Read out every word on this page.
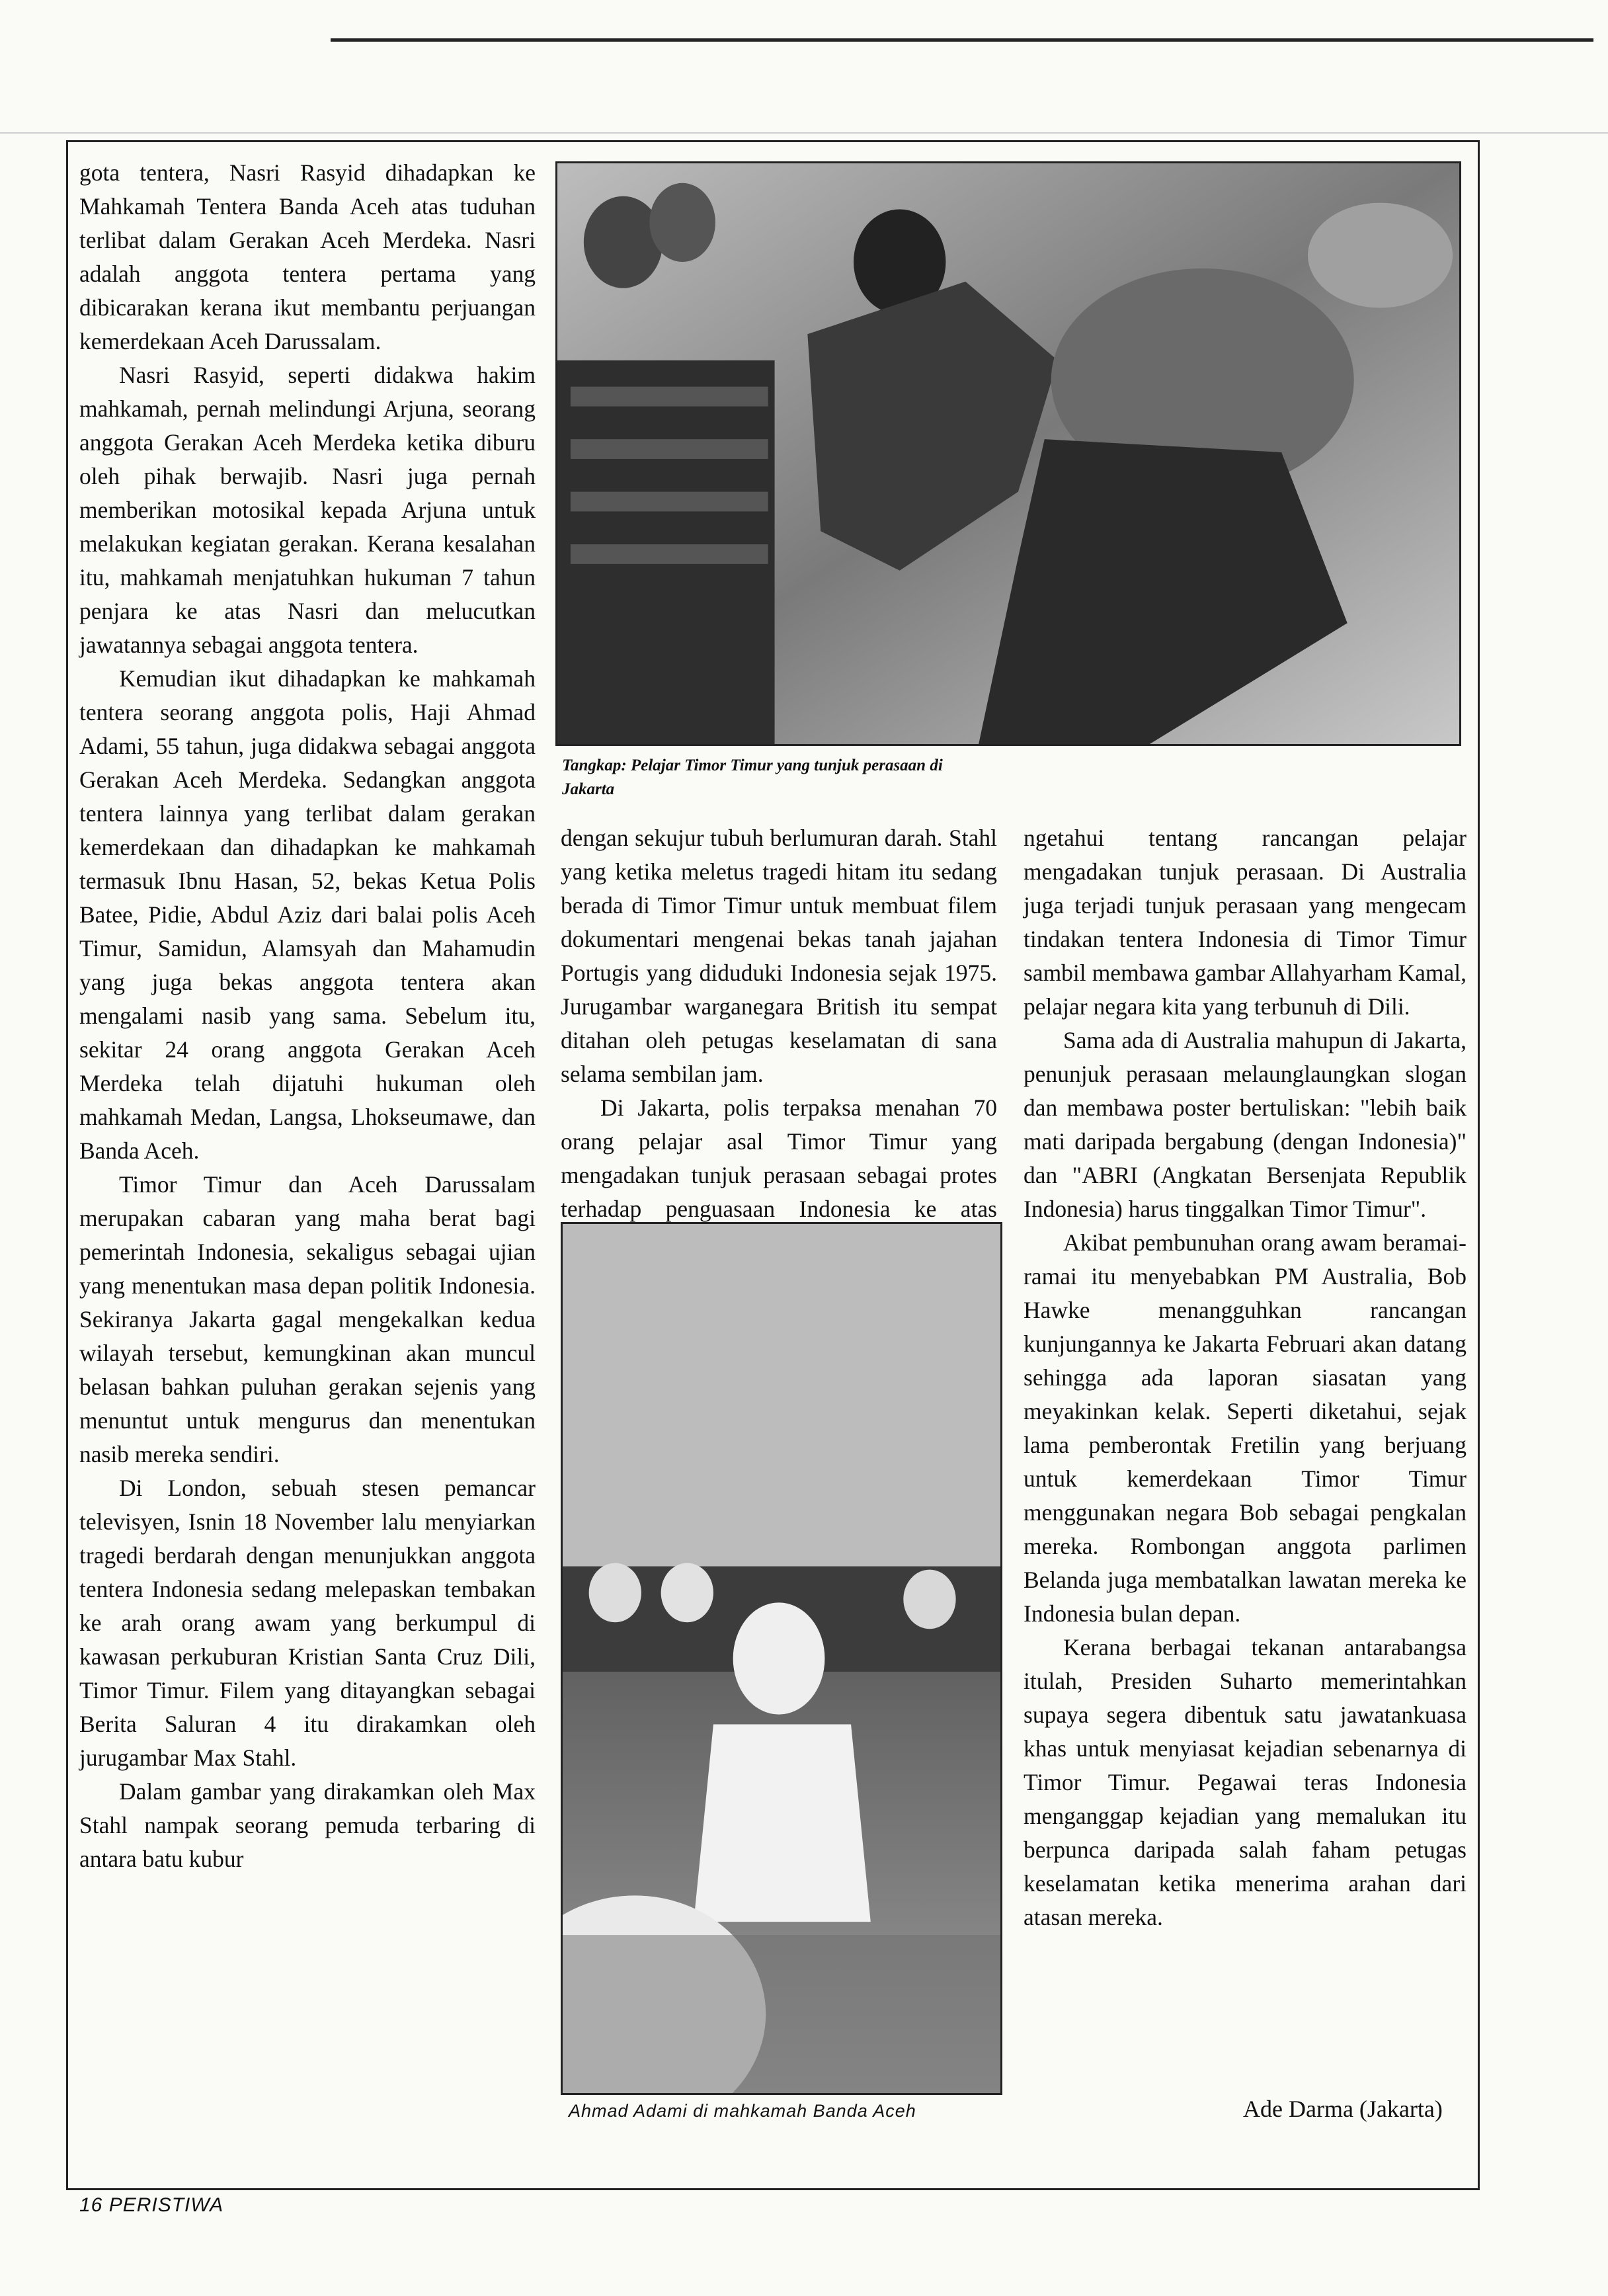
gota tentera, Nasri Rasyid dihadapkan ke Mahkamah Tentera Banda Aceh atas tuduhan terlibat dalam Gerakan Aceh Merdeka. Nasri adalah anggota tentera pertama yang dibicarakan kerana ikut membantu perjuangan kemerdekaan Aceh Darussalam.

Nasri Rasyid, seperti didakwa hakim mahkamah, pernah melindungi Arjuna, seorang anggota Gerakan Aceh Merdeka ketika diburu oleh pihak berwajib. Nasri juga pernah memberikan motosikal kepada Arjuna untuk melakukan kegiatan gerakan. Kerana kesalahan itu, mahkamah menjatuhkan hukuman 7 tahun penjara ke atas Nasri dan melucutkan jawatannya sebagai anggota tentera.

Kemudian ikut dihadapkan ke mahkamah tentera seorang anggota polis, Haji Ahmad Adami, 55 tahun, juga didakwa sebagai anggota Gerakan Aceh Merdeka. Sedangkan anggota tentera lainnya yang terlibat dalam gerakan kemerdekaan dan dihadapkan ke mahkamah termasuk Ibnu Hasan, 52, bekas Ketua Polis Batee, Pidie, Abdul Aziz dari balai polis Aceh Timur, Samidun, Alamsyah dan Mahamudin yang juga bekas anggota tentera akan mengalami nasib yang sama. Sebelum itu, sekitar 24 orang anggota Gerakan Aceh Merdeka telah dijatuhi hukuman oleh mahkamah Medan, Langsa, Lhokseumawe, dan Banda Aceh.

Timor Timur dan Aceh Darussalam merupakan cabaran yang maha berat bagi pemerintah Indonesia, sekaligus sebagai ujian yang menentukan masa depan politik Indonesia. Sekiranya Jakarta gagal mengekalkan kedua wilayah tersebut, kemungkinan akan muncul belasan bahkan puluhan gerakan sejenis yang menuntut untuk mengurus dan menentukan nasib mereka sendiri.

Di London, sebuah stesen pemancar televisyen, Isnin 18 November lalu menyiarkan tragedi berdarah dengan menunjukkan anggota tentera Indonesia sedang melepaskan tembakan ke arah orang awam yang berkumpul di kawasan perkuburan Kristian Santa Cruz Dili, Timor Timur. Filem yang ditayangkan sebagai Berita Saluran 4 itu dirakamkan oleh jurugambar Max Stahl.

Dalam gambar yang dirakamkan oleh Max Stahl nampak seorang pemuda terbaring di antara batu kubur

Tangkap: Pelajar Timor Timur yang tunjuk perasaan di Jakarta

dengan sekujur tubuh berlumuran darah. Stahl yang ketika meletus tragedi hitam itu sedang berada di Timor Timur untuk membuat filem dokumentari mengenai bekas tanah jajahan Portugis yang diduduki Indonesia sejak 1975. Jurugambar warganegara British itu sempat ditahan oleh petugas keselamatan di sana selama sembilan jam.

Di Jakarta, polis terpaksa menahan 70 orang pelajar asal Timor Timur yang mengadakan tunjuk perasaan sebagai protes terhadap penguasaan Indonesia ke atas

Ahmad Adami di mahkamah Banda Aceh

ngetahui tentang rancangan pelajar mengadakan tunjuk perasaan. Di Australia juga terjadi tunjuk perasaan yang mengecam tindakan tentera Indonesia di Timor Timur sambil membawa gambar Allahyarham Kamal, pelajar negara kita yang terbunuh di Dili.

Sama ada di Australia mahupun di Jakarta, penunjuk perasaan melaunglaungkan slogan dan membawa poster bertuliskan: "lebih baik mati daripada bergabung (dengan Indonesia)" dan "ABRI (Angkatan Bersenjata Republik Indonesia) harus tinggalkan Timor Timur".

Akibat pembunuhan orang awam beramai-ramai itu menyebabkan PM Australia, Bob Hawke menangguhkan rancangan kunjungannya ke Jakarta Februari akan datang sehingga ada laporan siasatan yang meyakinkan kelak. Seperti diketahui, sejak lama pemberontak Fretilin yang berjuang untuk kemerdekaan Timor Timur menggunakan negara Bob sebagai pengkalan mereka. Rombongan anggota parlimen Belanda juga membatalkan lawatan mereka ke Indonesia bulan depan.

Kerana berbagai tekanan antarabangsa itulah, Presiden Suharto memerintahkan supaya segera dibentuk satu jawatankuasa khas untuk menyiasat kejadian sebenarnya di Timor Timur. Pegawai teras Indonesia menganggap kejadian yang memalukan itu berpunca daripada salah faham petugas keselamatan ketika menerima arahan dari atasan mereka.

Ade Darma (Jakarta)
16 PERISTIWA
